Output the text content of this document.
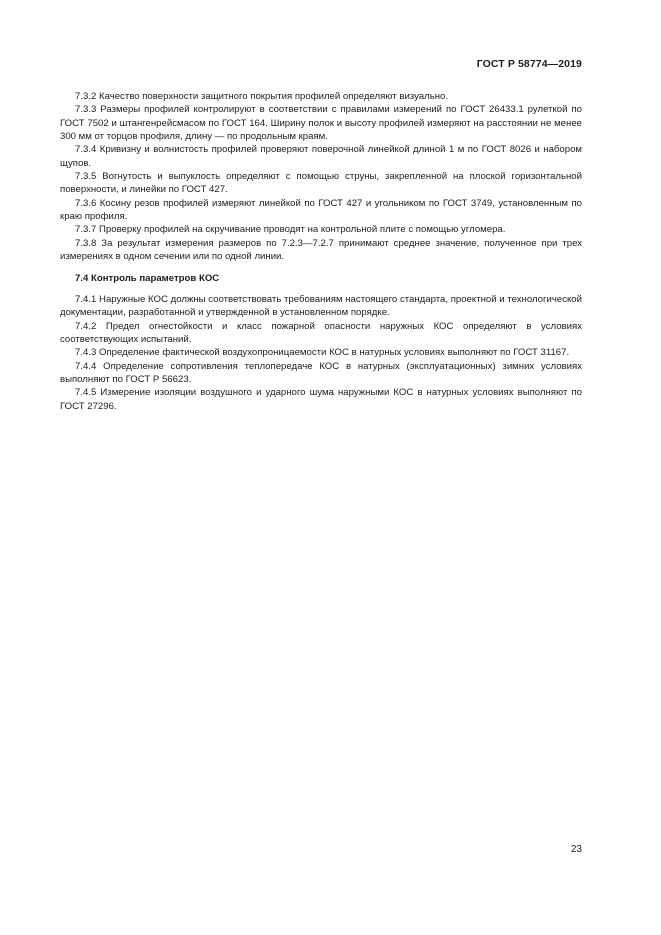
ГОСТ Р 58774—2019

7.3.2 Качество поверхности защитного покрытия профилей определяют визуально.

7.3.3 Размеры профилей контролируют в соответствии с правилами измерений по ГОСТ 26433.1 рулеткой по ГОСТ 7502 и штангенрейсмасом по ГОСТ 164. Ширину полок и высоту профилей измеряют на расстоянии не менее 300 мм от торцов профиля, длину — по продольным краям.

7.3.4 Кривизну и волнистость профилей проверяют поверочной линейкой длиной 1 м по ГОСТ 8026 и набором щупов.

7.3.5 Вогнутость и выпуклость определяют с помощью струны, закрепленной на плоской горизонтальной поверхности, и линейки по ГОСТ 427.

7.3.6 Косину резов профилей измеряют линейкой по ГОСТ 427 и угольником по ГОСТ 3749, установленным по краю профиля.

7.3.7 Проверку профилей на скручивание проводят на контрольной плите с помощью угломера.

7.3.8 За результат измерения размеров по 7.2.3—7.2.7 принимают среднее значение, полученное при трех измерениях в одном сечении или по одной линии.

7.4 Контроль параметров КОС

7.4.1 Наружные КОС должны соответствовать требованиям настоящего стандарта, проектной и технологической документации, разработанной и утвержденной в установленном порядке.

7.4.2 Предел огнестойкости и класс пожарной опасности наружных КОС определяют в условиях соответствующих испытаний.

7.4.3 Определение фактической воздухопроницаемости КОС в натурных условиях выполняют по ГОСТ 31167.

7.4.4 Определение сопротивления теплопередаче КОС в натурных (эксплуатационных) зимних условиях выполняют по ГОСТ Р 56623.

7.4.5 Измерение изоляции воздушного и ударного шума наружными КОС в натурных условиях выполняют по ГОСТ 27296.

23
